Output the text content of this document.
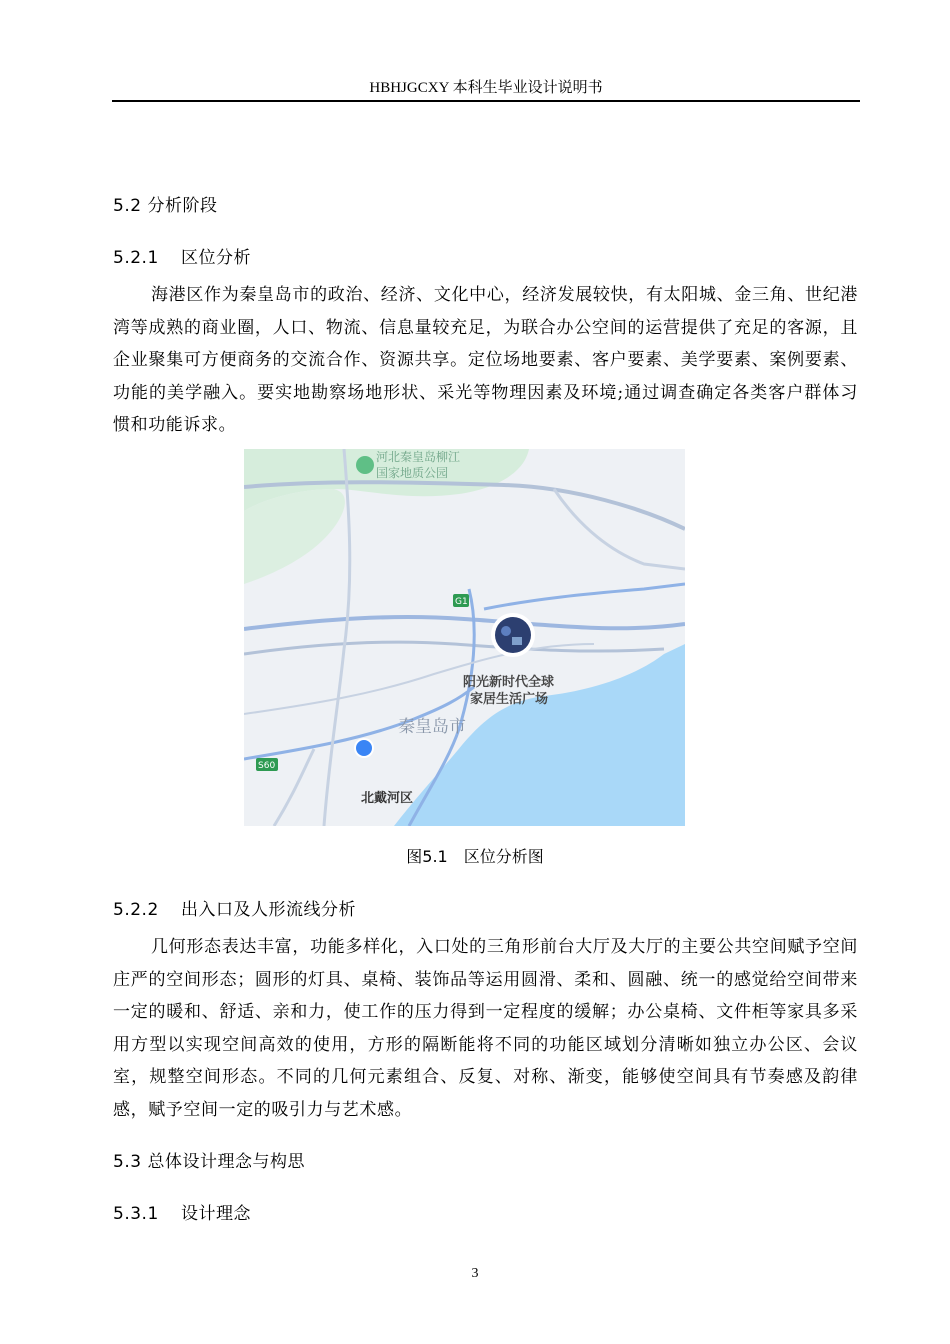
HBHJGCXY 本科生毕业设计说明书
5.2 分析阶段
5.2.1 区位分析
海港区作为秦皇岛市的政治、经济、文化中心，经济发展较快，有太阳城、金三角、世纪港湾等成熟的商业圈，人口、物流、信息量较充足，为联合办公空间的运营提供了充足的客源，且企业聚集可方便商务的交流合作、资源共享。定位场地要素、客户要素、美学要素、案例要素、功能的美学融入。要实地勘察场地形状、采光等物理因素及环境;通过调查确定各类客户群体习惯和功能诉求。
河北秦皇岛柳江
国家地质公园
G1
S60
阳光新时代全球
家居生活广场
秦皇岛市
北戴河区
图5.1　区位分析图
5.2.2 出入口及人形流线分析
几何形态表达丰富，功能多样化，入口处的三角形前台大厅及大厅的主要公共空间赋予空间庄严的空间形态；圆形的灯具、桌椅、装饰品等运用圆滑、柔和、圆融、统一的感觉给空间带来一定的暖和、舒适、亲和力，使工作的压力得到一定程度的缓解；办公桌椅、文件柜等家具多采用方型以实现空间高效的使用，方形的隔断能将不同的功能区域划分清晰如独立办公区、会议室，规整空间形态。不同的几何元素组合、反复、对称、渐变，能够使空间具有节奏感及韵律感，赋予空间一定的吸引力与艺术感。
5.3 总体设计理念与构思
5.3.1 设计理念
3
